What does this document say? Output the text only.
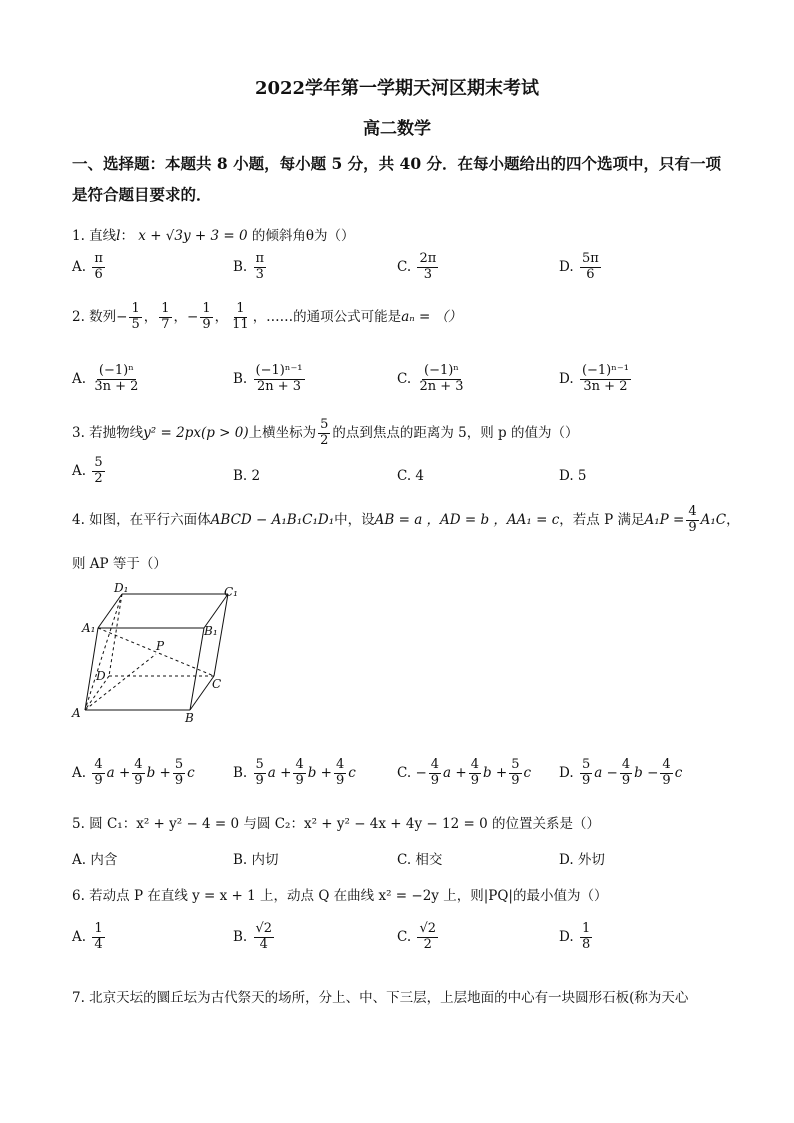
2022学年第一学期天河区期末考试
高二数学
一、选择题：本题共 8 小题，每小题 5 分，共 40 分．在每小题给出的四个选项中，只有一项
是符合题目要求的．
1. 直线l： x + √3y + 3 = 0 的倾斜角θ为（）
A. $\frac{\pi}{6}$	B. $\frac{\pi}{3}$	C. $\frac{2\pi}{3}$	D. $\frac{5\pi}{6}$
2. 数列− $\frac{1}{5}$ ， $\frac{1}{7}$ ，− $\frac{1}{9}$ ， $\frac{1}{11}$ ，……的通项公式可能是aₙ = （）
A. $\frac{\text{(−1)ⁿ}}{3n + 2}$	B. $\frac{\text{(−1)ⁿ⁻¹}}{2n + 3}$	C. $\frac{\text{(−1)ⁿ}}{2n + 3}$	D. $\frac{\text{(−1)ⁿ⁻¹}}{3n + 2}$
3. 若抛物线y² = 2px(p > 0)上横坐标为 $\frac{5}{2}$ 的点到焦点的距离为 5，则 p 的值为（）
A. $\frac{5}{2}$	B. 2	C. 4	D. 5
4. 如图，在平行六面体ABCD − A₁B₁C₁D₁中，设AB = a ，AD = b ，AA₁ = c，若点 P 满足$A_1P = \frac{4}{9} A_1C$，
则 AP 等于（）
D₁	C₁
A₁	B₁
P
D
C
A	B
A. $\frac{4}{9}$ $a + \frac{4}{9}$ $b + \frac{5}{9}$ c	B. $\frac{5}{9}$ $a + \frac{4}{9}$ $b + \frac{4}{9}$ c	C. − $\frac{4}{9}$ $a + \frac{4}{9}$ $b + \frac{5}{9}$ c D. $\frac{5}{9}$ $a - \frac{4}{9}$ $b - \frac{4}{9}$ c
5. 圆 C₁：x² + y² − 4 = 0 与圆 C₂：x² + y² − 4x + 4y − 12 = 0 的位置关系是（）
A. 内含	B. 内切	C. 相交	D. 外切
6. 若动点 P 在直线 y = x + 1 上，动点 Q 在曲线 x² = −2y 上，则|PQ|的最小值为（）
A. $\frac{1}{4}$	B. $\frac{√2}{4}$	C. $\frac{√2}{2}$	D. $\frac{1}{8}$
7. 北京天坛的圜丘坛为古代祭天的场所，分上、中、下三层，上层地面的中心有一块圆形石板(称为天心
